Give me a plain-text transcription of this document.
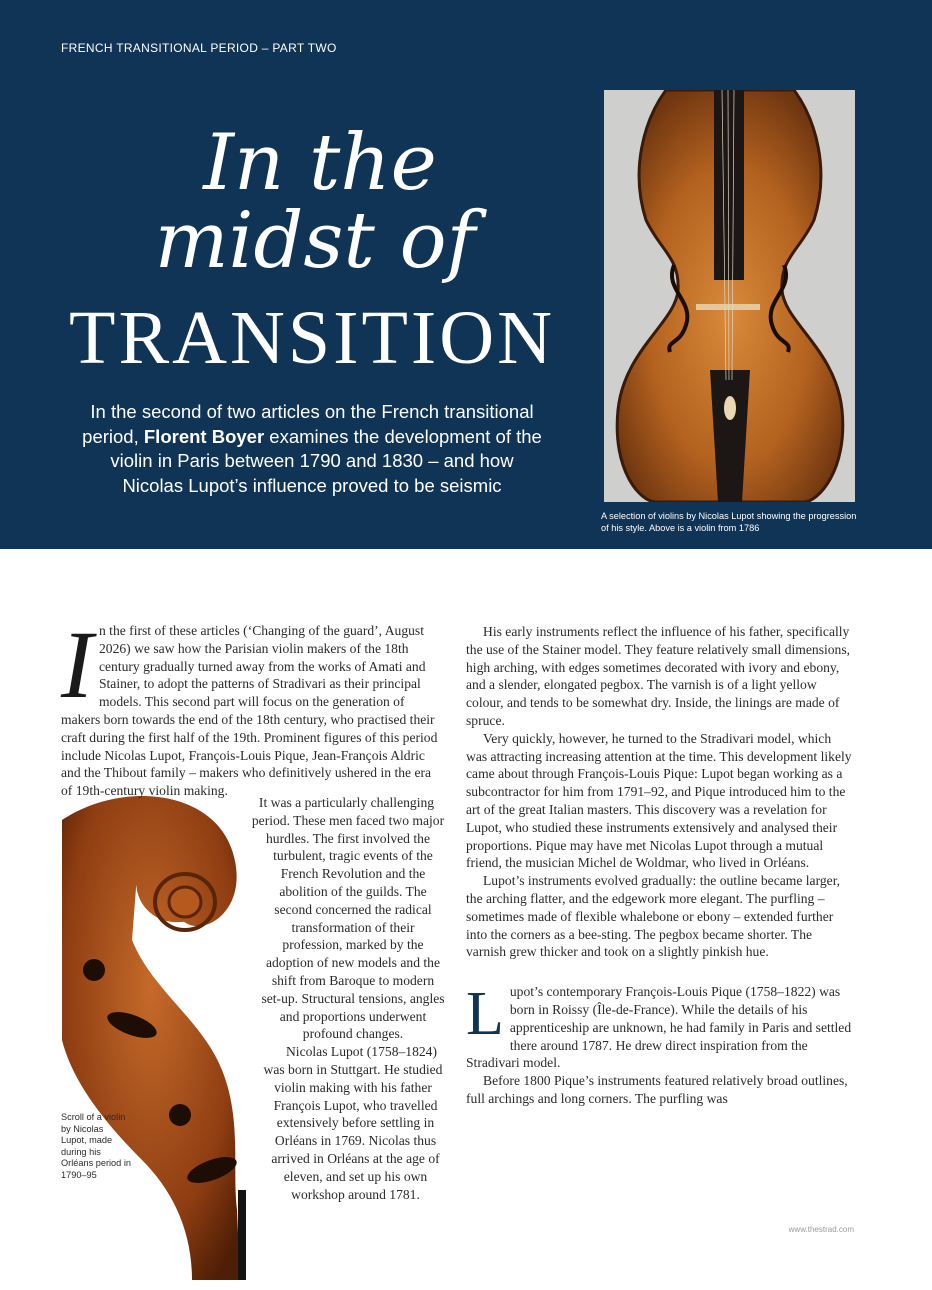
FRENCH TRANSITIONAL PERIOD – PART TWO
In the
midst of
TRANSITION
In the second of two articles on the French transitional period, Florent Boyer examines the development of the violin in Paris between 1790 and 1830 – and how Nicolas Lupot’s influence proved to be seismic
A selection of violins by Nicolas Lupot showing the progression of his style. Above is a violin from 1786
Scroll of a violin by Nicolas Lupot, made during his Orléans period in 1790–95

In the first of these articles (‘Changing of the guard’, August 2026) we saw how the Parisian violin makers of the 18th century gradually turned away from the works of Amati and Stainer, to adopt the patterns of Stradivari as their principal models. This second part will focus on the generation of makers born towards the end of the 18th century, who practised their craft during the first half of the 19th. Prominent figures of this period include Nicolas Lupot, François-Louis Pique, Jean-François Aldric and the Thibout family – makers who definitively ushered in the era of 19th-century violin making.

It was a particularly challenging period. These men faced two major hurdles. The first involved the turbulent, tragic events of the French Revolution and the abolition of the guilds. The second concerned the radical transformation of their profession, marked by the adoption of new models and the shift from Baroque to modern set-up. Structural tensions, angles and proportions underwent profound changes.

Nicolas Lupot (1758–1824) was born in Stuttgart. He studied violin making with his father François Lupot, who travelled extensively before settling in Orléans in 1769. Nicolas thus arrived in Orléans at the age of eleven, and set up his own workshop around 1781.

His early instruments reflect the influence of his father, specifically the use of the Stainer model. They feature relatively small dimensions, high arching, with edges sometimes decorated with ivory and ebony, and a slender, elongated pegbox. The varnish is of a light yellow colour, and tends to be somewhat dry. Inside, the linings are made of spruce.

Very quickly, however, he turned to the Stradivari model, which was attracting increasing attention at the time. This development likely came about through François-Louis Pique: Lupot began working as a subcontractor for him from 1791–92, and Pique introduced him to the art of the great Italian masters. This discovery was a revelation for Lupot, who studied these instruments extensively and analysed their proportions. Pique may have met Nicolas Lupot through a mutual friend, the musician Michel de Woldmar, who lived in Orléans.

Lupot’s instruments evolved gradually: the outline became larger, the arching flatter, and the edgework more elegant. The purfling – sometimes made of flexible whalebone or ebony – extended further into the corners as a bee-sting. The pegbox became shorter. The varnish grew thicker and took on a slightly pinkish hue.

Lupot’s contemporary François-Louis Pique (1758–1822) was born in Roissy (Île-de-France). While the details of his apprenticeship are unknown, he had family in Paris and settled there around 1787. He drew direct inspiration from the Stradivari model.

Before 1800 Pique’s instruments featured relatively broad outlines, full archings and long corners. The purfling was

www.thestrad.com
